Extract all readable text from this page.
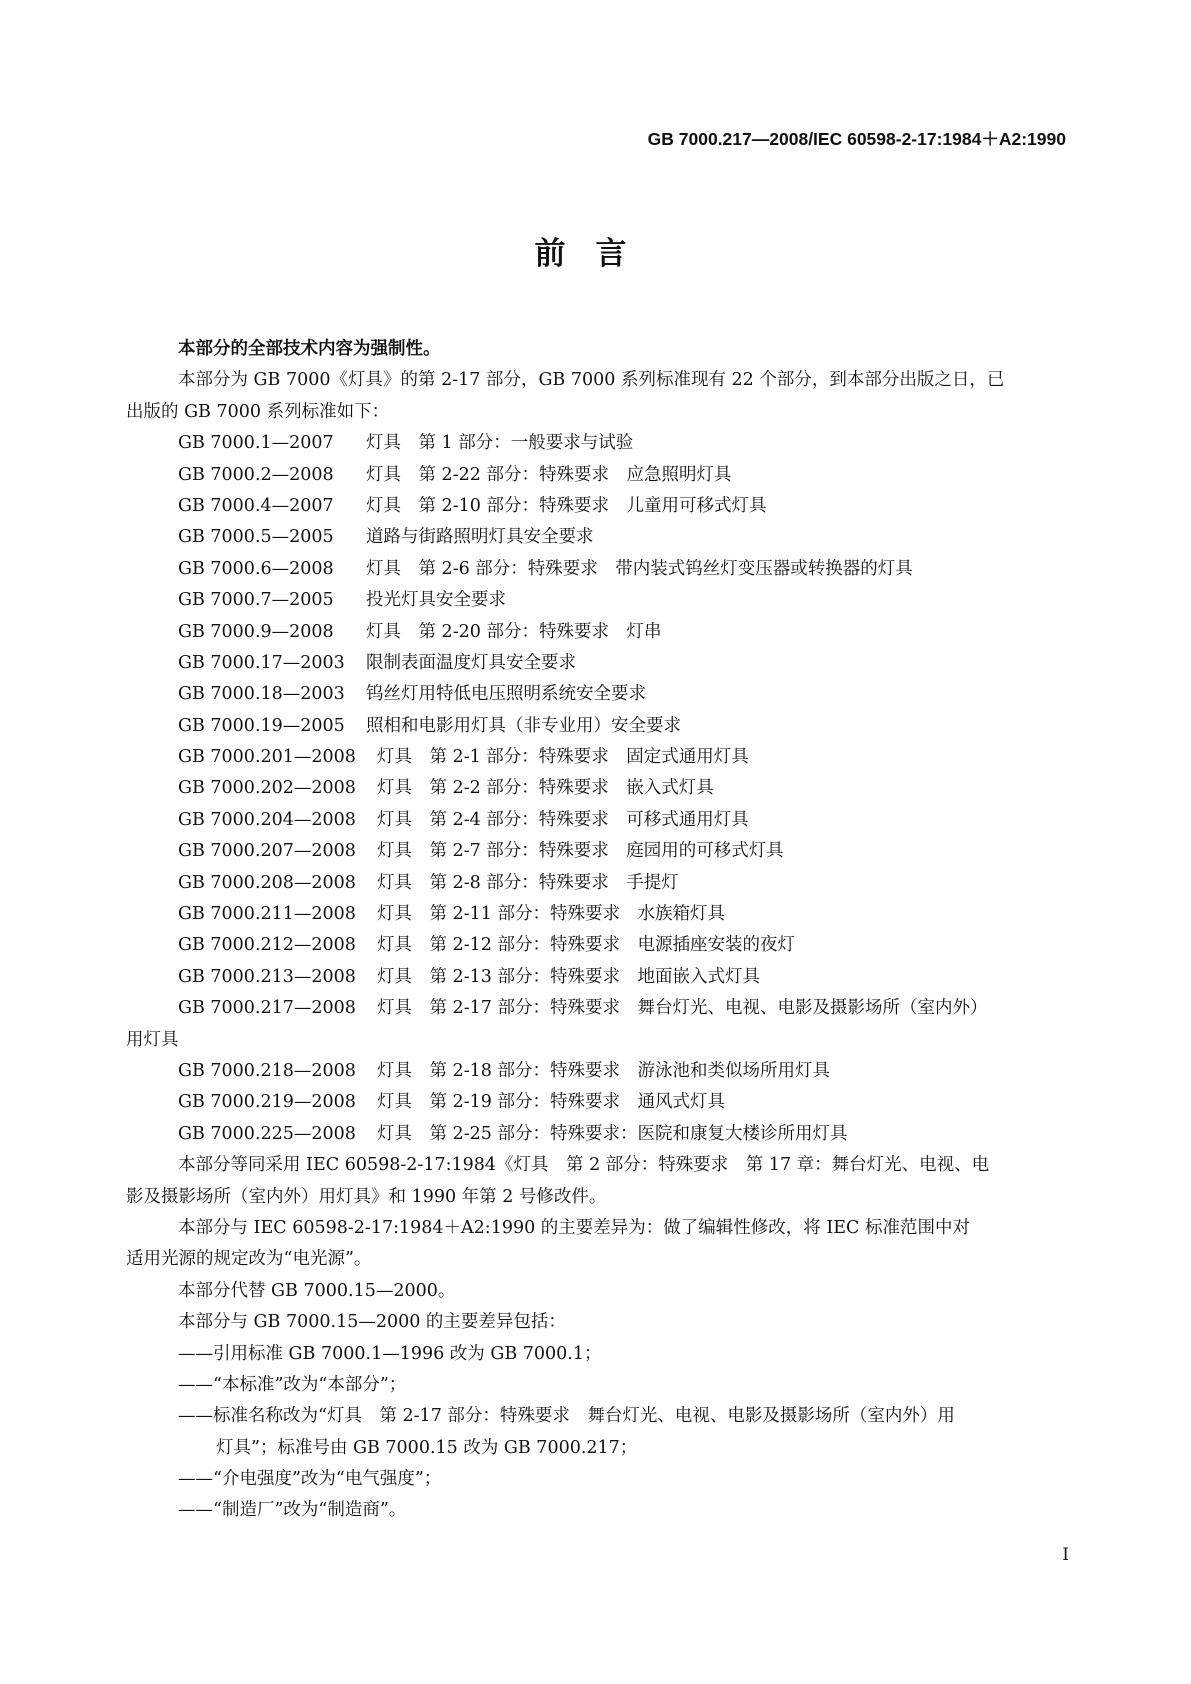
GB 7000.217—2008/IEC 60598-2-17:1984＋A2:1990
前言
本部分的全部技术内容为强制性。
本部分为 GB 7000《灯具》的第 2-17 部分，GB 7000 系列标准现有 22 个部分，到本部分出版之日，已
出版的 GB 7000 系列标准如下：
GB 7000.1—2007 灯具　第 1 部分：一般要求与试验
GB 7000.2—2008 灯具　第 2-22 部分：特殊要求　应急照明灯具
GB 7000.4—2007 灯具　第 2-10 部分：特殊要求　儿童用可移式灯具
GB 7000.5—2005 道路与街路照明灯具安全要求
GB 7000.6—2008 灯具　第 2-6 部分：特殊要求　带内装式钨丝灯变压器或转换器的灯具
GB 7000.7—2005 投光灯具安全要求
GB 7000.9—2008 灯具　第 2-20 部分：特殊要求　灯串
GB 7000.17—2003 限制表面温度灯具安全要求
GB 7000.18—2003 钨丝灯用特低电压照明系统安全要求
GB 7000.19—2005 照相和电影用灯具（非专业用）安全要求
GB 7000.201—2008 灯具　第 2-1 部分：特殊要求　固定式通用灯具
GB 7000.202—2008 灯具　第 2-2 部分：特殊要求　嵌入式灯具
GB 7000.204—2008 灯具　第 2-4 部分：特殊要求　可移式通用灯具
GB 7000.207—2008 灯具　第 2-7 部分：特殊要求　庭园用的可移式灯具
GB 7000.208—2008 灯具　第 2-8 部分：特殊要求　手提灯
GB 7000.211—2008 灯具　第 2-11 部分：特殊要求　水族箱灯具
GB 7000.212—2008 灯具　第 2-12 部分：特殊要求　电源插座安装的夜灯
GB 7000.213—2008 灯具　第 2-13 部分：特殊要求　地面嵌入式灯具
GB 7000.217—2008 灯具　第 2-17 部分：特殊要求　舞台灯光、电视、电影及摄影场所（室内外）
用灯具
GB 7000.218—2008 灯具　第 2-18 部分：特殊要求　游泳池和类似场所用灯具
GB 7000.219—2008 灯具　第 2-19 部分：特殊要求　通风式灯具
GB 7000.225—2008 灯具　第 2-25 部分：特殊要求：医院和康复大楼诊所用灯具
本部分等同采用 IEC 60598-2-17:1984《灯具　第 2 部分：特殊要求　第 17 章：舞台灯光、电视、电
影及摄影场所（室内外）用灯具》和 1990 年第 2 号修改件。
本部分与 IEC 60598-2-17:1984＋A2:1990 的主要差异为：做了编辑性修改，将 IEC 标准范围中对
适用光源的规定改为“电光源”。
本部分代替 GB 7000.15—2000。
本部分与 GB 7000.15—2000 的主要差异包括：
——引用标准 GB 7000.1—1996 改为 GB 7000.1；
——“本标准”改为“本部分”；
——标准名称改为“灯具　第 2-17 部分：特殊要求　舞台灯光、电视、电影及摄影场所（室内外）用
灯具”；标准号由 GB 7000.15 改为 GB 7000.217；
——“介电强度”改为“电气强度”；
——“制造厂”改为“制造商”。
I
